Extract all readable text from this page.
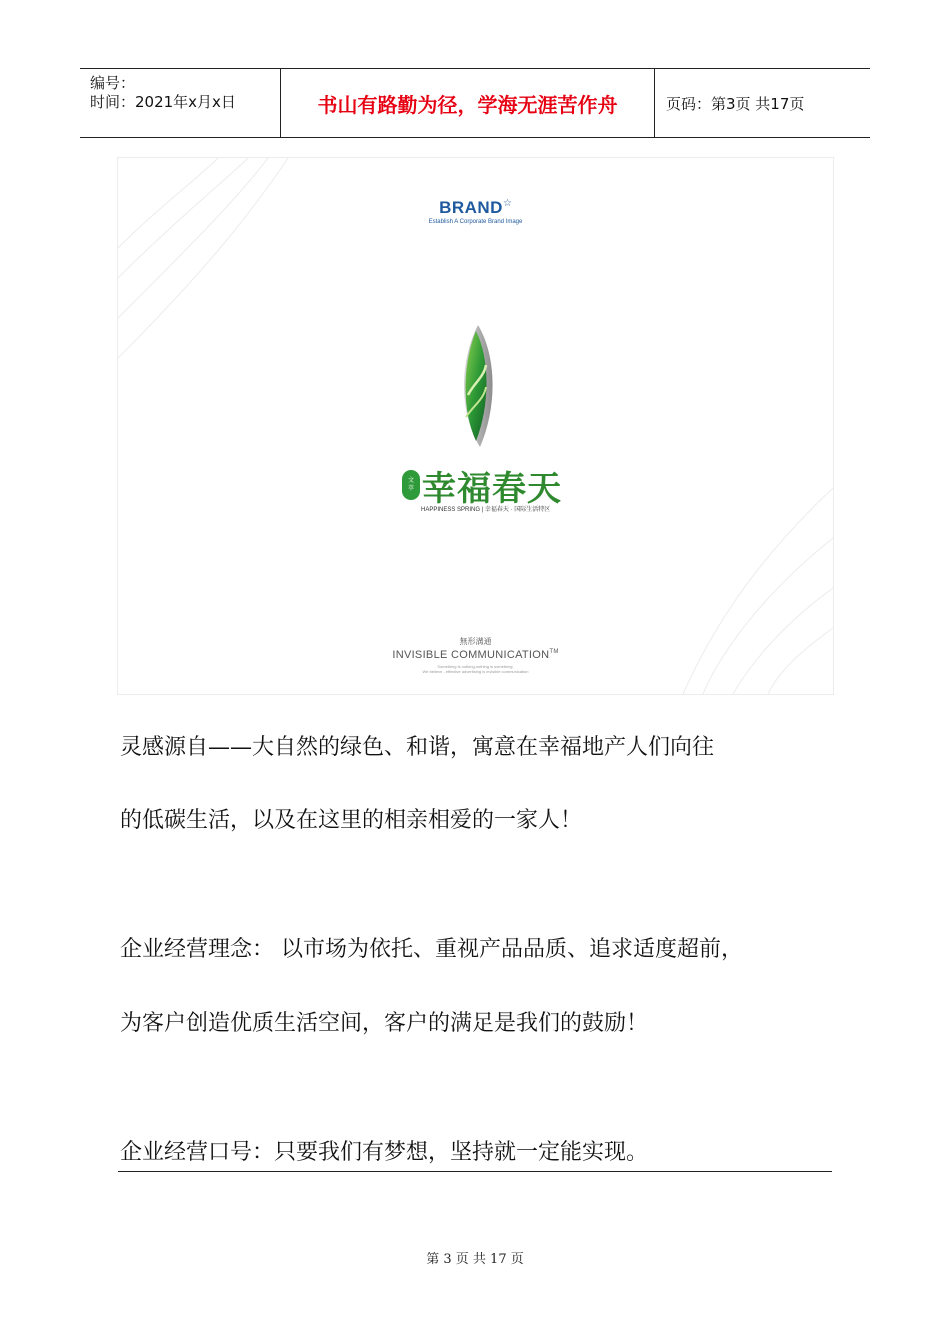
编号：
时间：2021年x月x日	书山有路勤为径，学海无涯苦作舟	页码：第3页 共17页
BRAND☆
Establish A Corporate Brand Image
文
萃 幸福春天
HAPPINESS SPRING | 幸福春天 · 国际生活特区
無形溝通
INVISIBLE COMMUNICATION™
Something is nothing,nothing is something.
We believe - effective advertising is invisible communication
灵感源自——大自然的绿色、和谐，寓意在幸福地产人们向往
的低碳生活，以及在这里的相亲相爱的一家人！
企业经营理念： 以市场为依托、重视产品品质、追求适度超前，
为客户创造优质生活空间，客户的满足是我们的鼓励！
企业经营口号：只要我们有梦想，坚持就一定能实现。
第 3 页 共 17 页
